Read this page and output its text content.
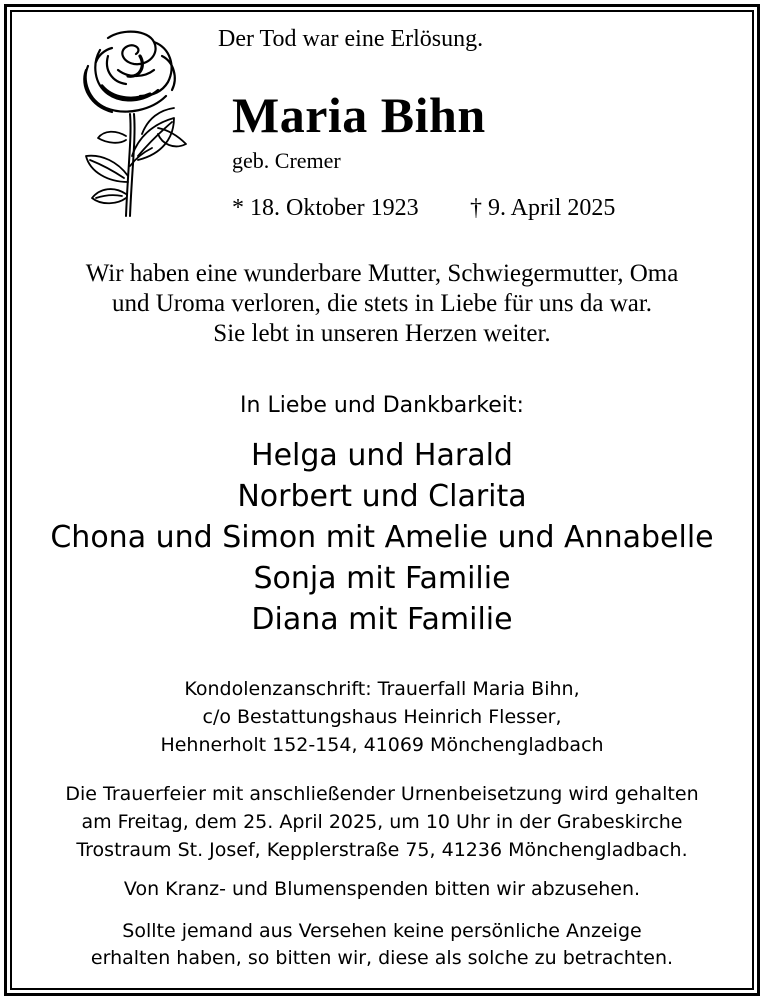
Der Tod war eine Erlösung.
Maria Bihn
geb. Cremer
* 18. Oktober 1923 † 9. April 2025
Wir haben eine wunderbare Mutter, Schwiegermutter, Oma
und Uroma verloren, die stets in Liebe für uns da war.
Sie lebt in unseren Herzen weiter.
In Liebe und Dankbarkeit:
Helga und Harald
Norbert und Clarita
Chona und Simon mit Amelie und Annabelle
Sonja mit Familie
Diana mit Familie
Kondolenzanschrift: Trauerfall Maria Bihn,
c/o Bestattungshaus Heinrich Flesser,
Hehnerholt 152-154, 41069 Mönchengladbach
Die Trauerfeier mit anschließender Urnenbeisetzung wird gehalten
am Freitag, dem 25. April 2025, um 10 Uhr in der Grabeskirche
Trostraum St. Josef, Kepplerstraße 75, 41236 Mönchengladbach.
Von Kranz- und Blumenspenden bitten wir abzusehen.
Sollte jemand aus Versehen keine persönliche Anzeige
erhalten haben, so bitten wir, diese als solche zu betrachten.
